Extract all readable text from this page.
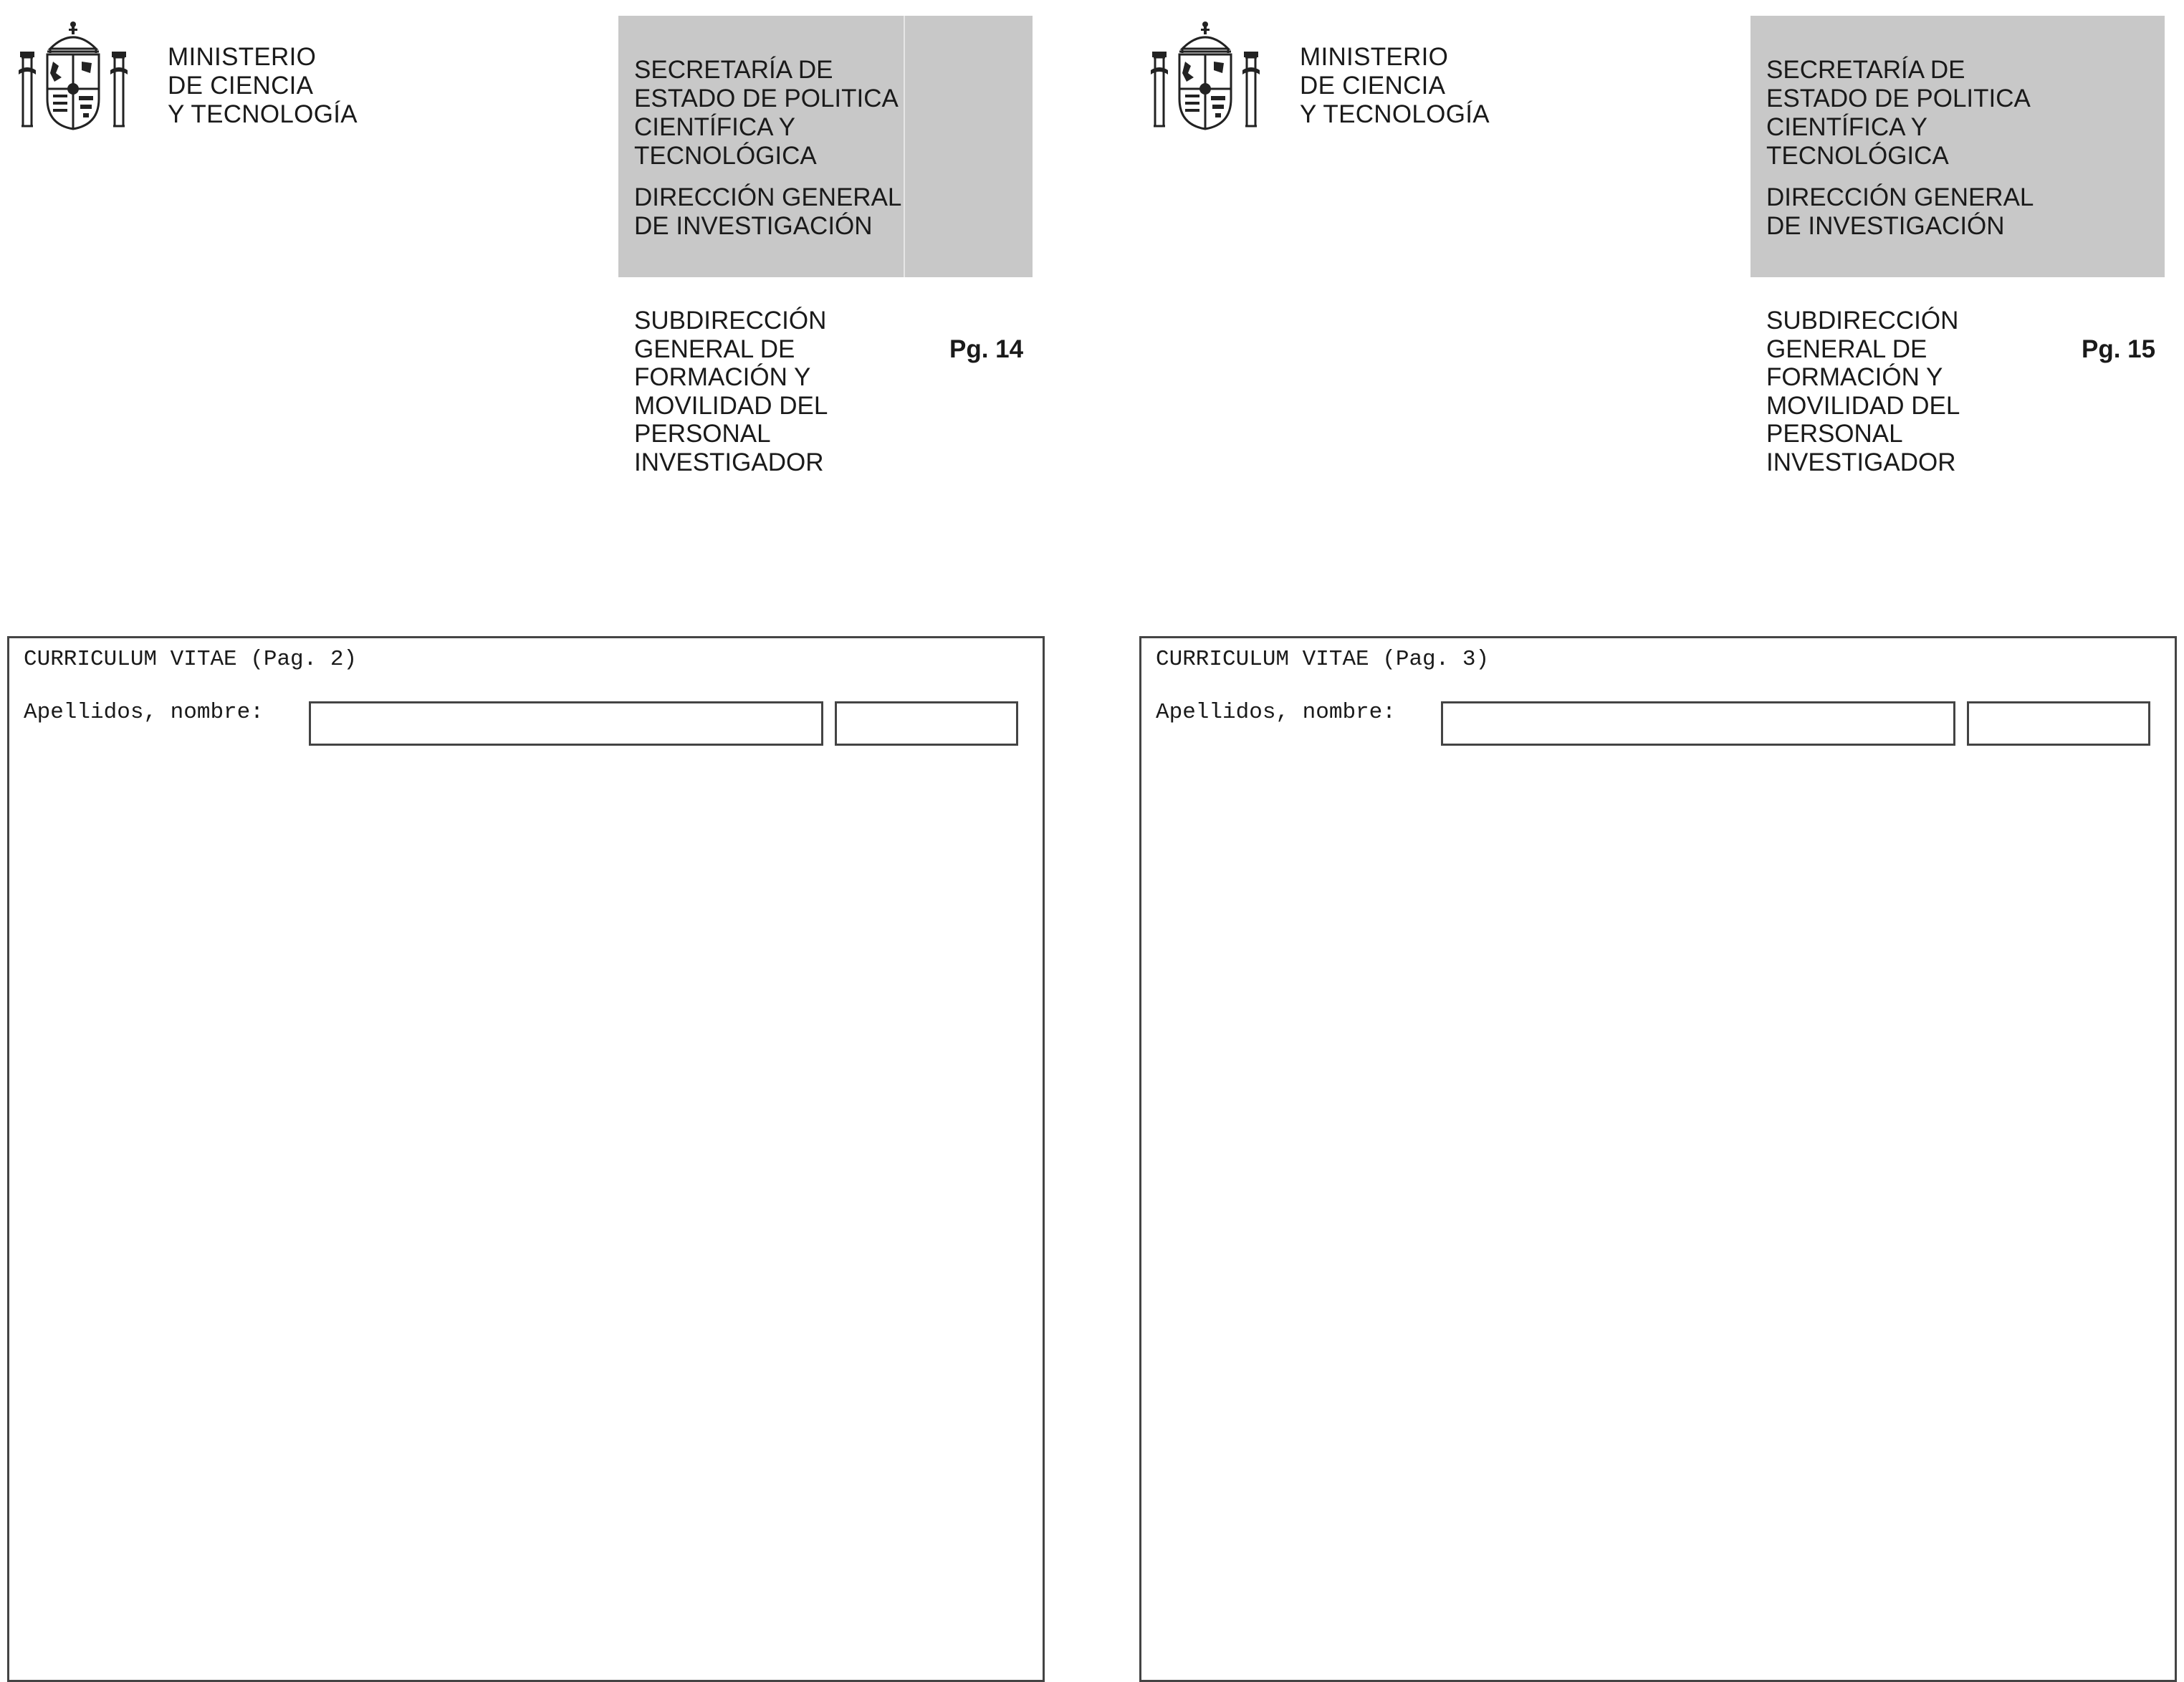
MINISTERIO
DE CIENCIA
Y TECNOLOGÍA
SECRETARÍA DE
ESTADO DE POLITICA
CIENTÍFICA Y
TECNOLÓGICA
DIRECCIÓN GENERAL
DE INVESTIGACIÓN
SUBDIRECCIÓN
GENERAL DE
FORMACIÓN Y
MOVILIDAD DEL
PERSONAL
INVESTIGADOR
Pg. 14
CURRICULUM VITAE (Pag. 2)
Apellidos, nombre:
MINISTERIO
DE CIENCIA
Y TECNOLOGÍA
SECRETARÍA DE
ESTADO DE POLITICA
CIENTÍFICA Y
TECNOLÓGICA
DIRECCIÓN GENERAL
DE INVESTIGACIÓN
SUBDIRECCIÓN
GENERAL DE
FORMACIÓN Y
MOVILIDAD DEL
PERSONAL
INVESTIGADOR
Pg. 15
CURRICULUM VITAE (Pag. 3)
Apellidos, nombre:
